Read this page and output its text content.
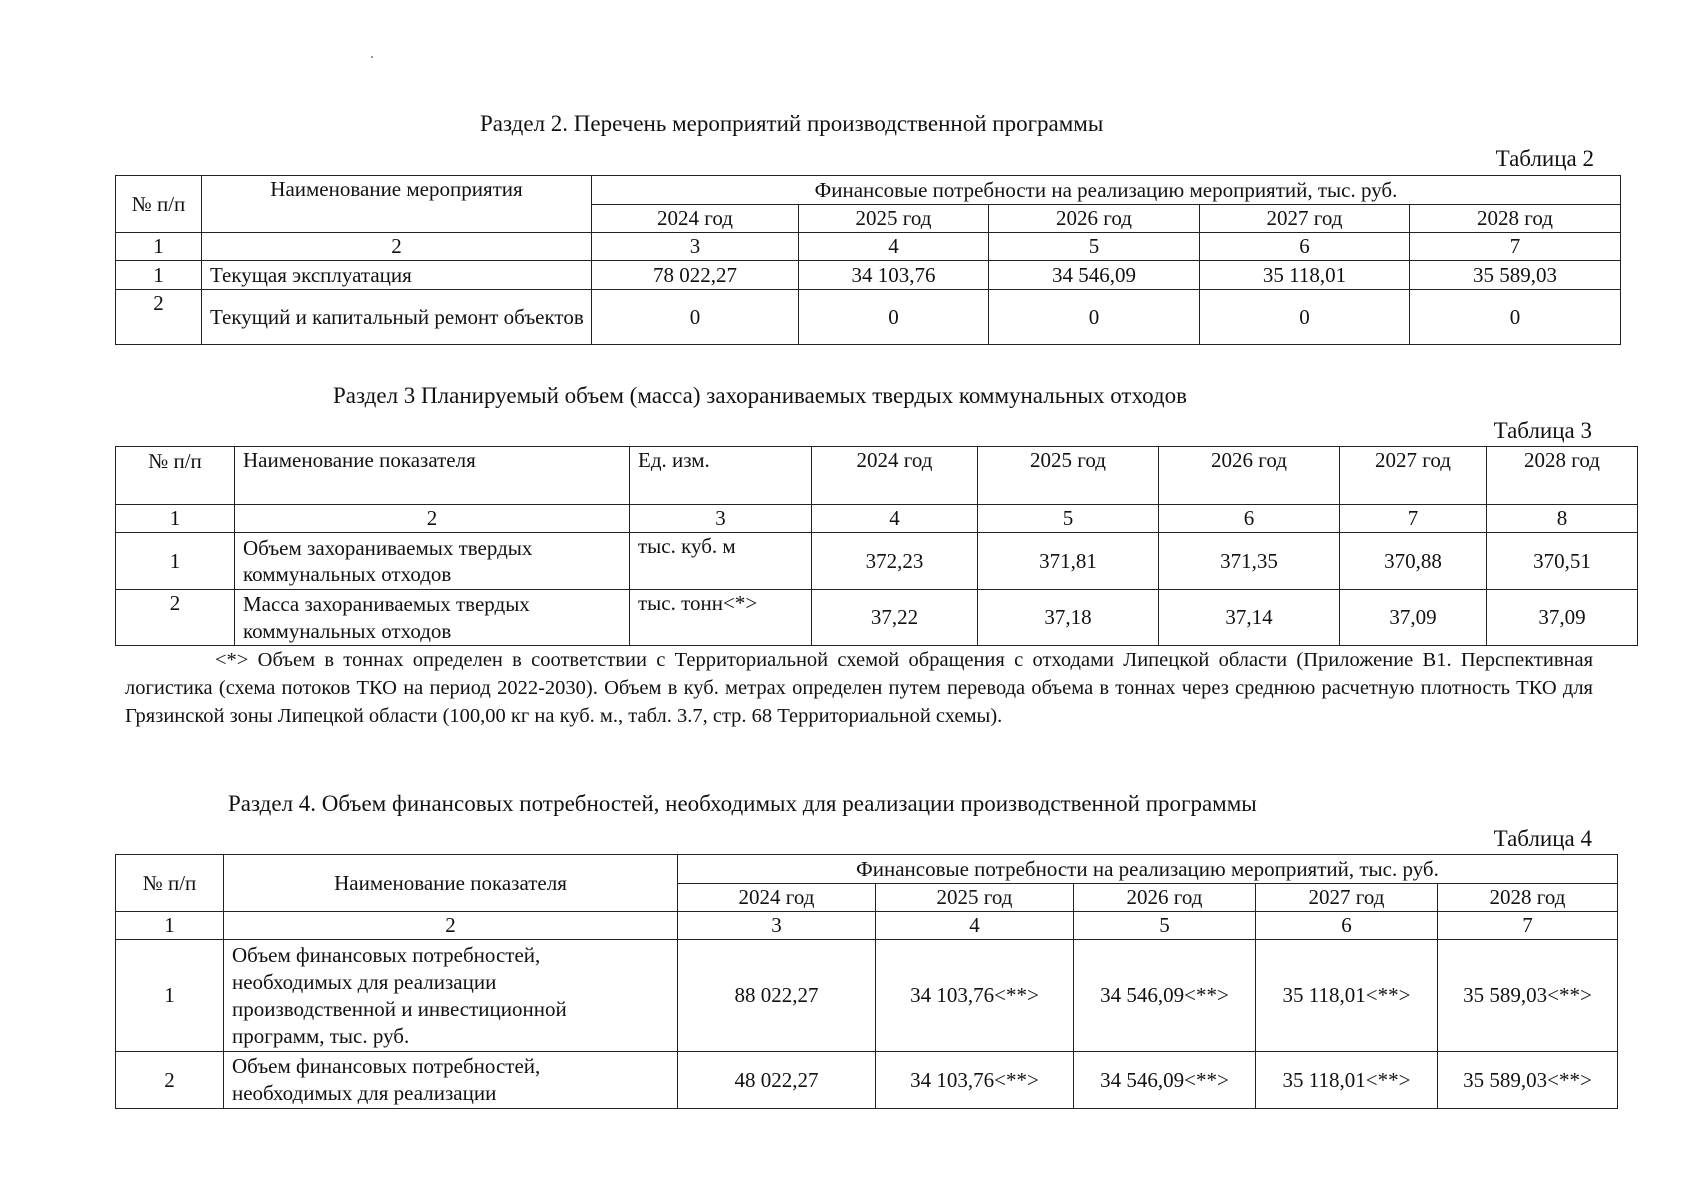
Раздел 2. Перечень мероприятий производственной программы
Таблица 2
№ п/п	Наименование мероприятия	Финансовые потребности на реализацию мероприятий, тыс. руб.				
		2024 год	2025 год	2026 год	2027 год	2028 год
1	2	3	4	5	6	7
1	Текущая эксплуатация	78 022,27	34 103,76	34 546,09	35 118,01	35 589,03
2	Текущий и капитальный ремонт объектов	0	0	0	0	0
Раздел 3 Планируемый объем (масса) захораниваемых твердых коммунальных отходов
Таблица 3
№ п/п	Наименование показателя	Ед. изм.	2024 год	2025 год	2026 год	2027 год	2028 год
1	2	3	4	5	6	7	8
1	Объем захораниваемых твердых коммунальных отходов	тыс. куб. м	372,23	371,81	371,35	370,88	370,51
2	Масса захораниваемых твердых коммунальных отходов	тыс. тонн<*>	37,22	37,18	37,14	37,09	37,09
<*> Объем в тоннах определен в соответствии с Территориальной схемой обращения с отходами Липецкой области (Приложение В1. Перспективная логистика (схема потоков ТКО на период 2022-2030). Объем в куб. метрах определен путем перевода объема в тоннах через среднюю расчетную плотность ТКО для Грязинской зоны Липецкой области (100,00 кг на куб. м., табл. 3.7, стр. 68 Территориальной схемы).
Раздел 4. Объем финансовых потребностей, необходимых для реализации производственной программы
Таблица 4
№ п/п	Наименование показателя	Финансовые потребности на реализацию мероприятий, тыс. руб.				
		2024 год	2025 год	2026 год	2027 год	2028 год
1	2	3	4	5	6	7
1	Объем финансовых потребностей, необходимых для реализации производственной и инвестиционной программ, тыс. руб.	88 022,27	34 103,76<**>	34 546,09<**>	35 118,01<**>	35 589,03<**>
2	Объем финансовых потребностей, необходимых для реализации	48 022,27	34 103,76<**>	34 546,09<**>	35 118,01<**>	35 589,03<**>
